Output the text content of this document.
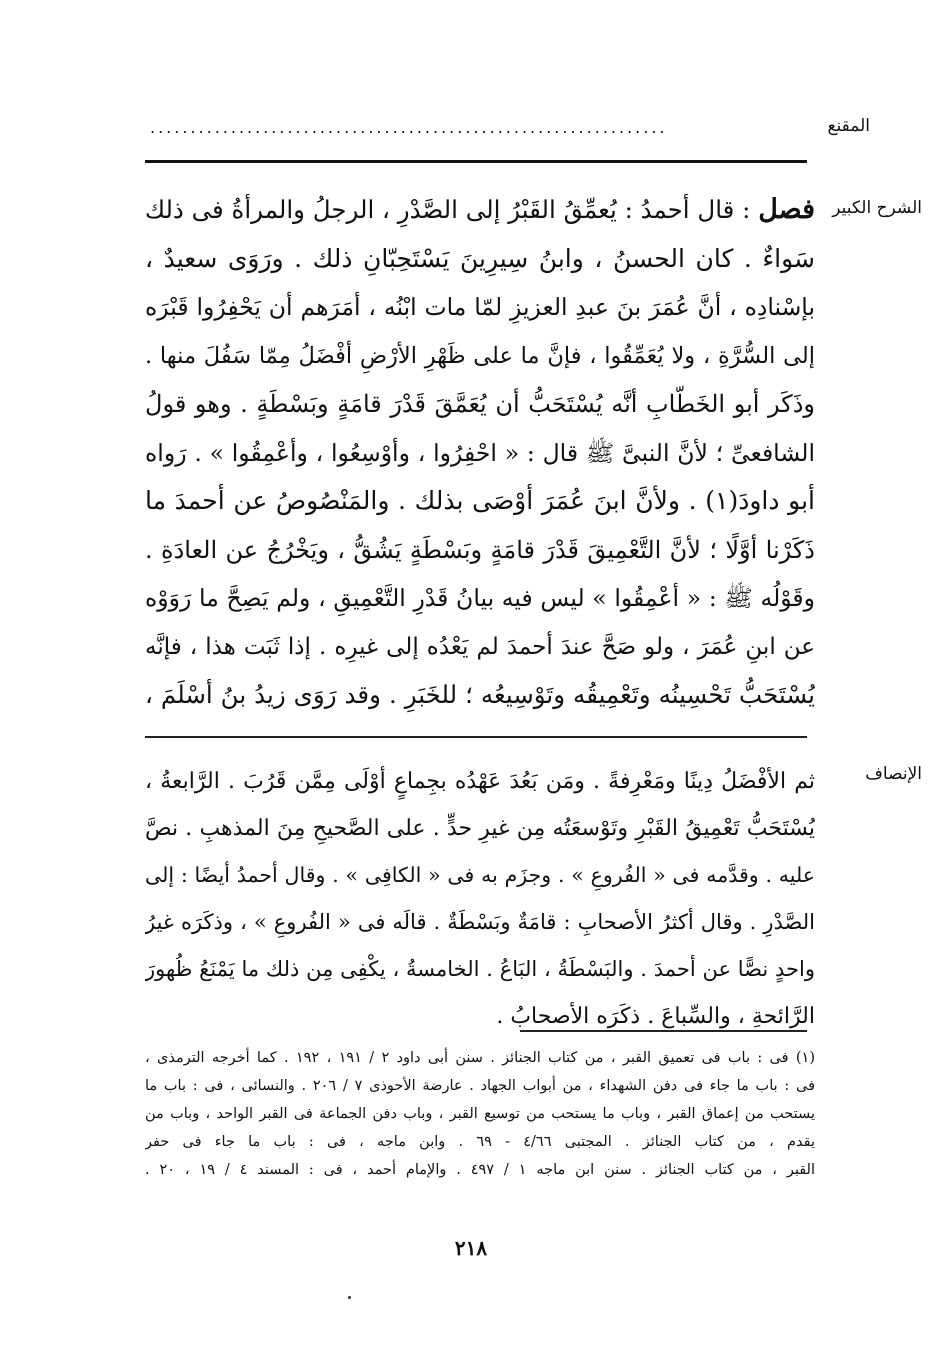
المقنع
................................................................
الشرح الكبير
فصل : قال أحمدُ : يُعمِّقُ القَبْرُ إلى الصَّدْرِ ، الرجلُ والمرأةُ فى ذلك
سَواءٌ . كان الحسنُ ، وابنُ سِيرِينَ يَسْتَحِبّانِ ذلك . ورَوَى سعيدٌ ،
بإسْنادِه ، أنَّ عُمَرَ بنَ عبدِ العزيزِ لمّا مات ابْنُه ، أمَرَهم أن يَحْفِرُوا قَبْرَه
إلى السُّرَّةِ ، ولا يُعَمِّقُوا ، فإنَّ ما على ظَهْرِ الأرْضِ أفْضَلُ مِمّا سَفُلَ منها .
وذَكَر أبو الخَطّابِ أنَّه يُسْتَحَبُّ أن يُعَمَّقَ قَدْرَ قامَةٍ وبَسْطَةٍ . وهو قولُ
الشافعىِّ ؛ لأنَّ النبىَّ ﷺ قال : « احْفِرُوا ، وأوْسِعُوا ، وأعْمِقُوا » . رَواه
أبو داودَ(١) . ولأنَّ ابنَ عُمَرَ أوْصَى بذلك . والمَنْصُوصُ عن أحمدَ ما
ذَكَرْنا أوَّلًا ؛ لأنَّ التَّعْمِيقَ قَدْرَ قامَةٍ وبَسْطَةٍ يَشُقُّ ، ويَخْرُجُ عن العادَةِ .
وقَوْلُه ﷺ : « أعْمِقُوا » ليس فيه بيانُ قَدْرِ التَّعْمِيقِ ، ولم يَصِحَّ ما رَوَوْه
عن ابنِ عُمَرَ ، ولو صَحَّ عندَ أحمدَ لم يَعْدُه إلى غيرِه . إذا ثَبَت هذا ، فإنَّه
يُسْتَحَبُّ تَحْسِينُه وتَعْمِيقُه وتَوْسِيعُه ؛ للخَبَرِ . وقد رَوَى زيدُ بنُ أسْلَمَ ،
الإنصاف
ثم الأفْضَلُ دِينًا ومَعْرِفةً . ومَن بَعُدَ عَهْدُه بجِماعٍ أوْلَى مِمَّن قَرُبَ . الرَّابعةُ ،
يُسْتَحَبُّ تَعْمِيقُ القَبْرِ وتَوْسعَتُه مِن غيرِ حدٍّ . على الصَّحيحِ مِنَ المذهبِ . نصَّ
عليه . وقدَّمه فى « الفُروعِ » . وجزَم به فى « الكافِى » . وقال أحمدُ أيضًا : إلى
الصَّدْرِ . وقال أكثرُ الأصحابِ : قامَةٌ وبَسْطَةٌ . قالَه فى « الفُروعِ » ، وذكَرَه غيرُ
واحدٍ نصًّا عن أحمدَ . والبَسْطَةُ ، البَاعُ . الخامسةُ ، يكْفِى مِن ذلك ما يَمْنَعُ ظُهورَ
الرَّائحةِ ، والسِّباعَ . ذكَرَه الأصحابُ .
(١) فى : باب فى تعميق القبر ، من كتاب الجنائز . سنن أبى داود ٢ / ١٩١ ، ١٩٢ . كما أخرجه الترمذى ،
فى : باب ما جاء فى دفن الشهداء ، من أبواب الجهاد . عارضة الأحوذى ٧ / ٢٠٦ . والنسائى ، فى : باب ما
يستحب من إعماق القبر ، وباب ما يستحب من توسيع القبر ، وباب دفن الجماعة فى القبر الواحد ، وباب من
يقدم ، من كتاب الجنائز . المجتبى ٤/٦٦ - ٦٩ . وابن ماجه ، فى : باب ما جاء فى حفر
القبر ، من كتاب الجنائز . سنن ابن ماجه ١ / ٤٩٧ . والإمام أحمد ، فى : المسند ٤ / ١٩ ، ٢٠ .
٢١٨
